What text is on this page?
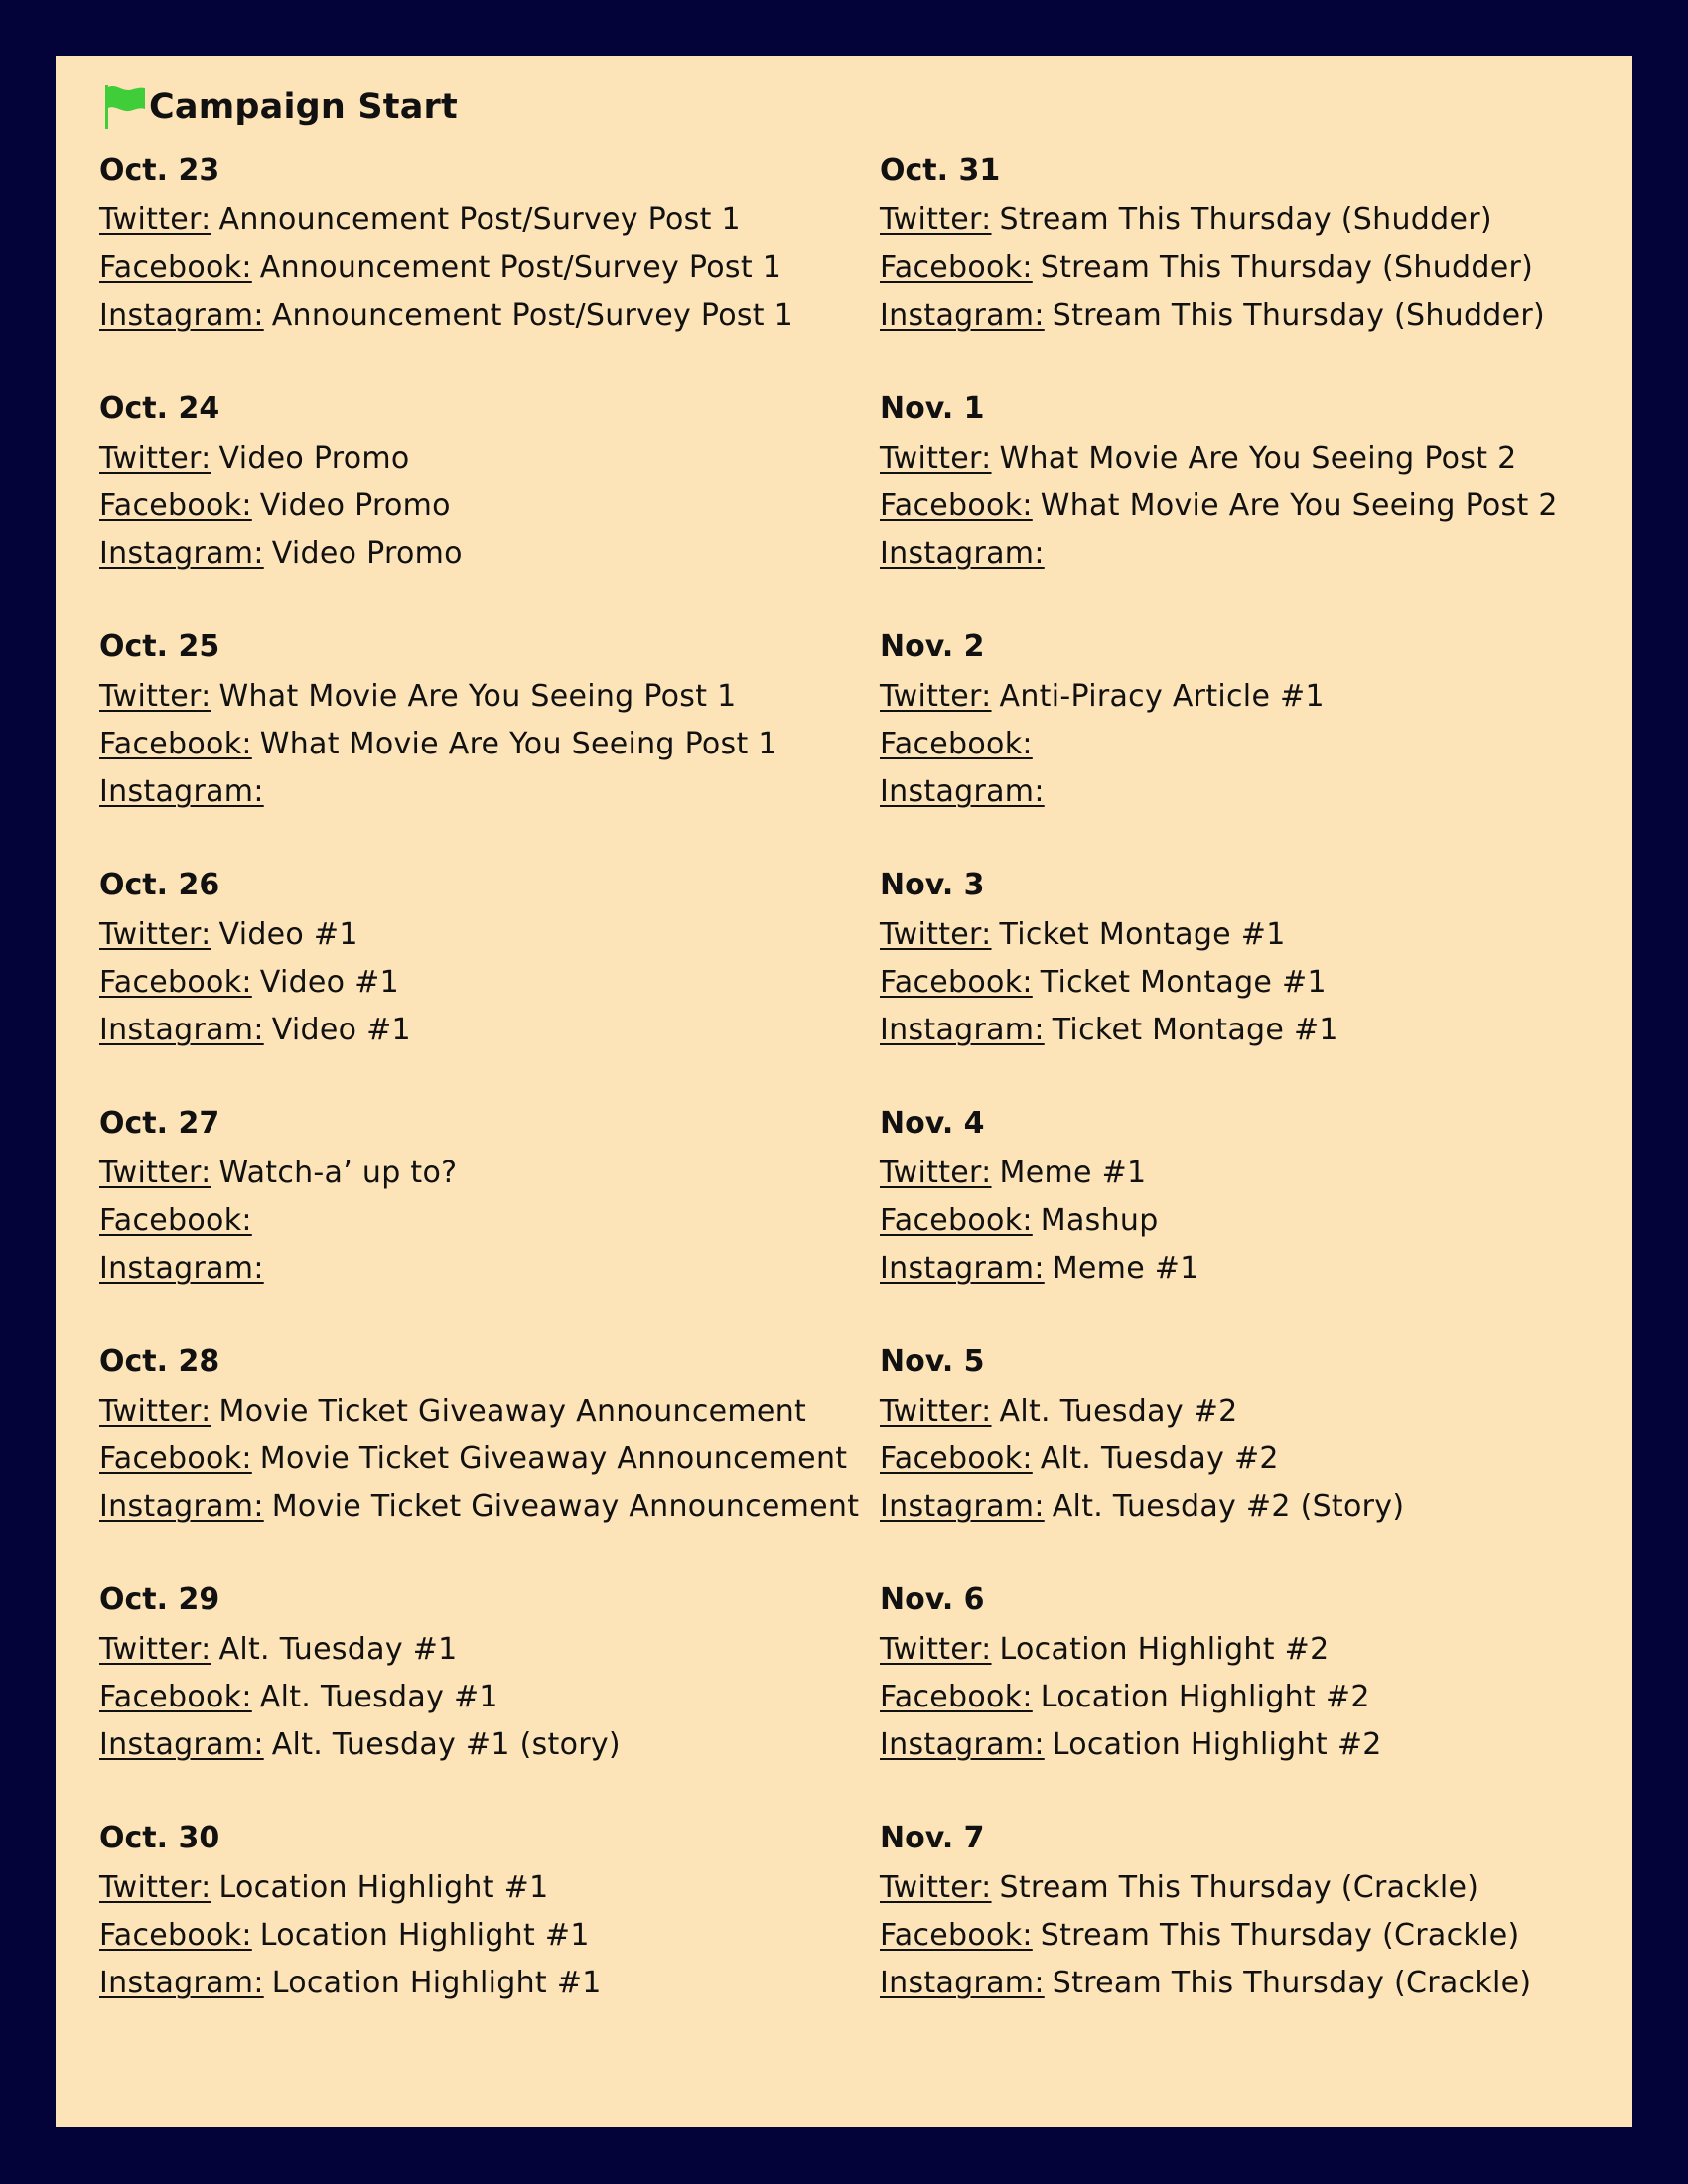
Campaign Start
Oct. 23
Twitter: Announcement Post/Survey Post 1
Facebook: Announcement Post/Survey Post 1
Instagram: Announcement Post/Survey Post 1
Oct. 24
Twitter: Video Promo
Facebook: Video Promo
Instagram: Video Promo
Oct. 25
Twitter: What Movie Are You Seeing Post 1
Facebook: What Movie Are You Seeing Post 1
Instagram:
Oct. 26
Twitter: Video #1
Facebook: Video #1
Instagram: Video #1
Oct. 27
Twitter: Watch-a’ up to?
Facebook:
Instagram:
Oct. 28
Twitter: Movie Ticket Giveaway Announcement
Facebook: Movie Ticket Giveaway Announcement
Instagram: Movie Ticket Giveaway Announcement
Oct. 29
Twitter: Alt. Tuesday #1
Facebook: Alt. Tuesday #1
Instagram: Alt. Tuesday #1 (story)
Oct. 30
Twitter: Location Highlight #1
Facebook: Location Highlight #1
Instagram: Location Highlight #1
Oct. 31
Twitter: Stream This Thursday (Shudder)
Facebook: Stream This Thursday (Shudder)
Instagram: Stream This Thursday (Shudder)
Nov. 1
Twitter: What Movie Are You Seeing Post 2
Facebook: What Movie Are You Seeing Post 2
Instagram:
Nov. 2
Twitter: Anti-Piracy Article #1
Facebook:
Instagram:
Nov. 3
Twitter: Ticket Montage #1
Facebook: Ticket Montage #1
Instagram: Ticket Montage #1
Nov. 4
Twitter: Meme #1
Facebook: Mashup
Instagram: Meme #1
Nov. 5
Twitter: Alt. Tuesday #2
Facebook: Alt. Tuesday #2
Instagram: Alt. Tuesday #2 (Story)
Nov. 6
Twitter: Location Highlight #2
Facebook: Location Highlight #2
Instagram: Location Highlight #2
Nov. 7
Twitter: Stream This Thursday (Crackle)
Facebook: Stream This Thursday (Crackle)
Instagram: Stream This Thursday (Crackle)
